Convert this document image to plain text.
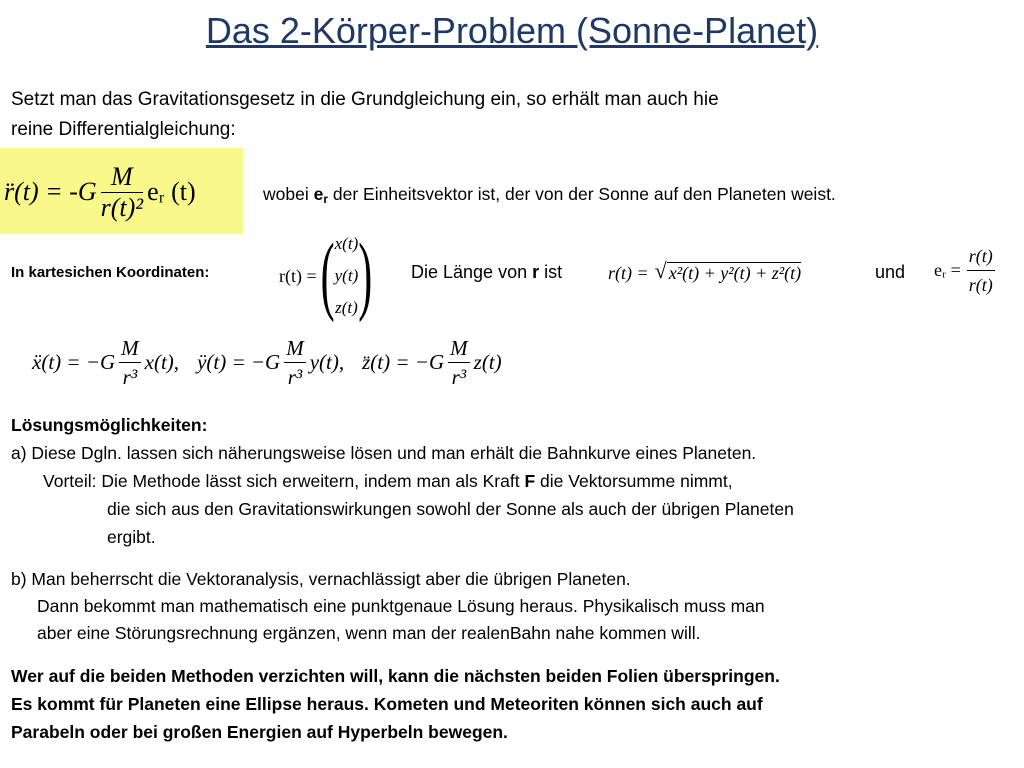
Das 2-Körper-Problem (Sonne-Planet)
Setzt man das Gravitationsgesetz in die Grundgleichung ein, so erhält man auch hie
reine Differentialgleichung:
r̈(t) = $-G \frac{M}{\text{r(t)²}}$ eᵣ (t)	wobei er der Einheitsvektor ist, der von der Sonne auf den Planeten weist.
In kartesichen Koordinaten:	r(t) = ( x(t)
y(t)
z(t) ) Die Länge von r ist	r(t) = √ x²(t) + y²(t) + z²(t)	und eᵣ = $\frac{r(t)}{r(t)}$
ẍ(t) = $-G \frac{M}{\text{r³}} x(t)$, ÿ(t) = $-G \frac{M}{\text{r³}} y(t)$, z̈(t) = $-G \frac{M}{\text{r³}} z(t)$
Lösungsmöglichkeiten:
a) Diese Dgln. lassen sich näherungsweise lösen und man erhält die Bahnkurve eines Planeten.
Vorteil: Die Methode lässt sich erweitern, indem man als Kraft F die Vektorsumme nimmt,
die sich aus den Gravitationswirkungen sowohl der Sonne als auch der übrigen Planeten
ergibt.
b) Man beherrscht die Vektoranalysis, vernachlässigt aber die übrigen Planeten.
Dann bekommt man mathematisch eine punktgenaue Lösung heraus. Physikalisch muss man
aber eine Störungsrechnung ergänzen, wenn man der realenBahn nahe kommen will.
Wer auf die beiden Methoden verzichten will, kann die nächsten beiden Folien überspringen.
Es kommt für Planeten eine Ellipse heraus. Kometen und Meteoriten können sich auch auf
Parabeln oder bei großen Energien auf Hyperbeln bewegen.
